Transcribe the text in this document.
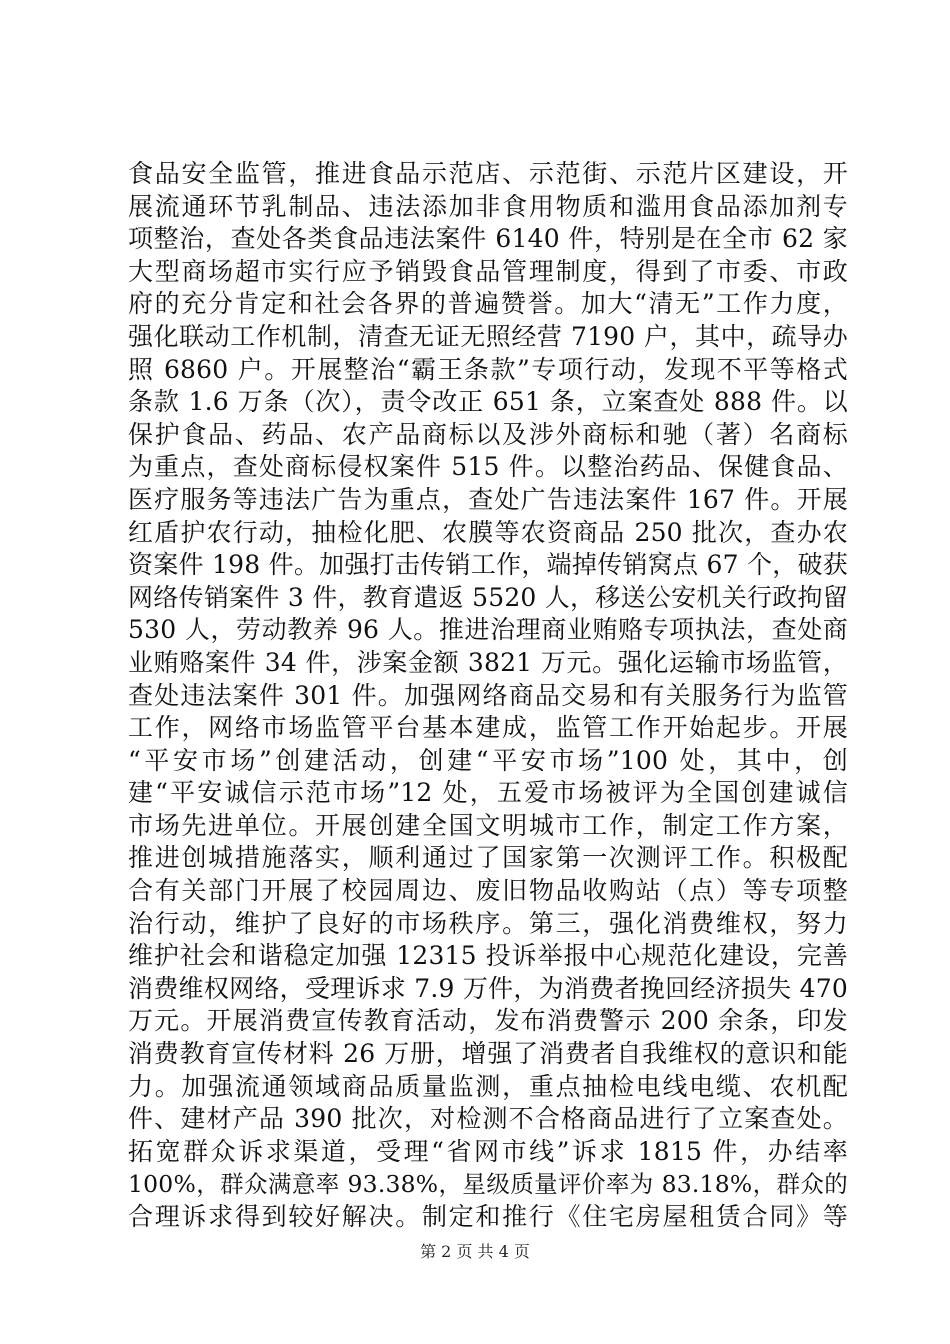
食品安全监管，推进食品示范店、示范街、示范片区建设，开
展流通环节乳制品、违法添加非食用物质和滥用食品添加剂专
项整治，查处各类食品违法案件 6140 件，特别是在全市 62 家
大型商场超市实行应予销毁食品管理制度，得到了市委、市政
府的充分肯定和社会各界的普遍赞誉。加大“清无”工作力度，
强化联动工作机制，清查无证无照经营 7190 户，其中，疏导办
照 6860 户。开展整治“霸王条款”专项行动，发现不平等格式
条款 1.6 万条（次），责令改正 651 条，立案查处 888 件。以
保护食品、药品、农产品商标以及涉外商标和驰（著）名商标
为重点，查处商标侵权案件 515 件。以整治药品、保健食品、
医疗服务等违法广告为重点，查处广告违法案件 167 件。开展
红盾护农行动，抽检化肥、农膜等农资商品 250 批次，查办农
资案件 198 件。加强打击传销工作，端掉传销窝点 67 个，破获
网络传销案件 3 件，教育遣返 5520 人，移送公安机关行政拘留
530 人，劳动教养 96 人。推进治理商业贿赂专项执法，查处商
业贿赂案件 34 件，涉案金额 3821 万元。强化运输市场监管，
查处违法案件 301 件。加强网络商品交易和有关服务行为监管
工作，网络市场监管平台基本建成，监管工作开始起步。开展
“平安市场”创建活动，创建“平安市场”100 处，其中，创
建“平安诚信示范市场”12 处，五爱市场被评为全国创建诚信
市场先进单位。开展创建全国文明城市工作，制定工作方案，
推进创城措施落实，顺利通过了国家第一次测评工作。积极配
合有关部门开展了校园周边、废旧物品收购站（点）等专项整
治行动，维护了良好的市场秩序。第三，强化消费维权，努力
维护社会和谐稳定加强 12315 投诉举报中心规范化建设，完善
消费维权网络，受理诉求 7.9 万件，为消费者挽回经济损失 470
万元。开展消费宣传教育活动，发布消费警示 200 余条，印发
消费教育宣传材料 26 万册，增强了消费者自我维权的意识和能
力。加强流通领域商品质量监测，重点抽检电线电缆、农机配
件、建材产品 390 批次，对检测不合格商品进行了立案查处。
拓宽群众诉求渠道，受理“省网市线”诉求 1815 件，办结率
100%，群众满意率 93.38%，星级质量评价率为 83.18%，群众的
合理诉求得到较好解决。制定和推行《住宅房屋租赁合同》等
第 2 页 共 4 页
